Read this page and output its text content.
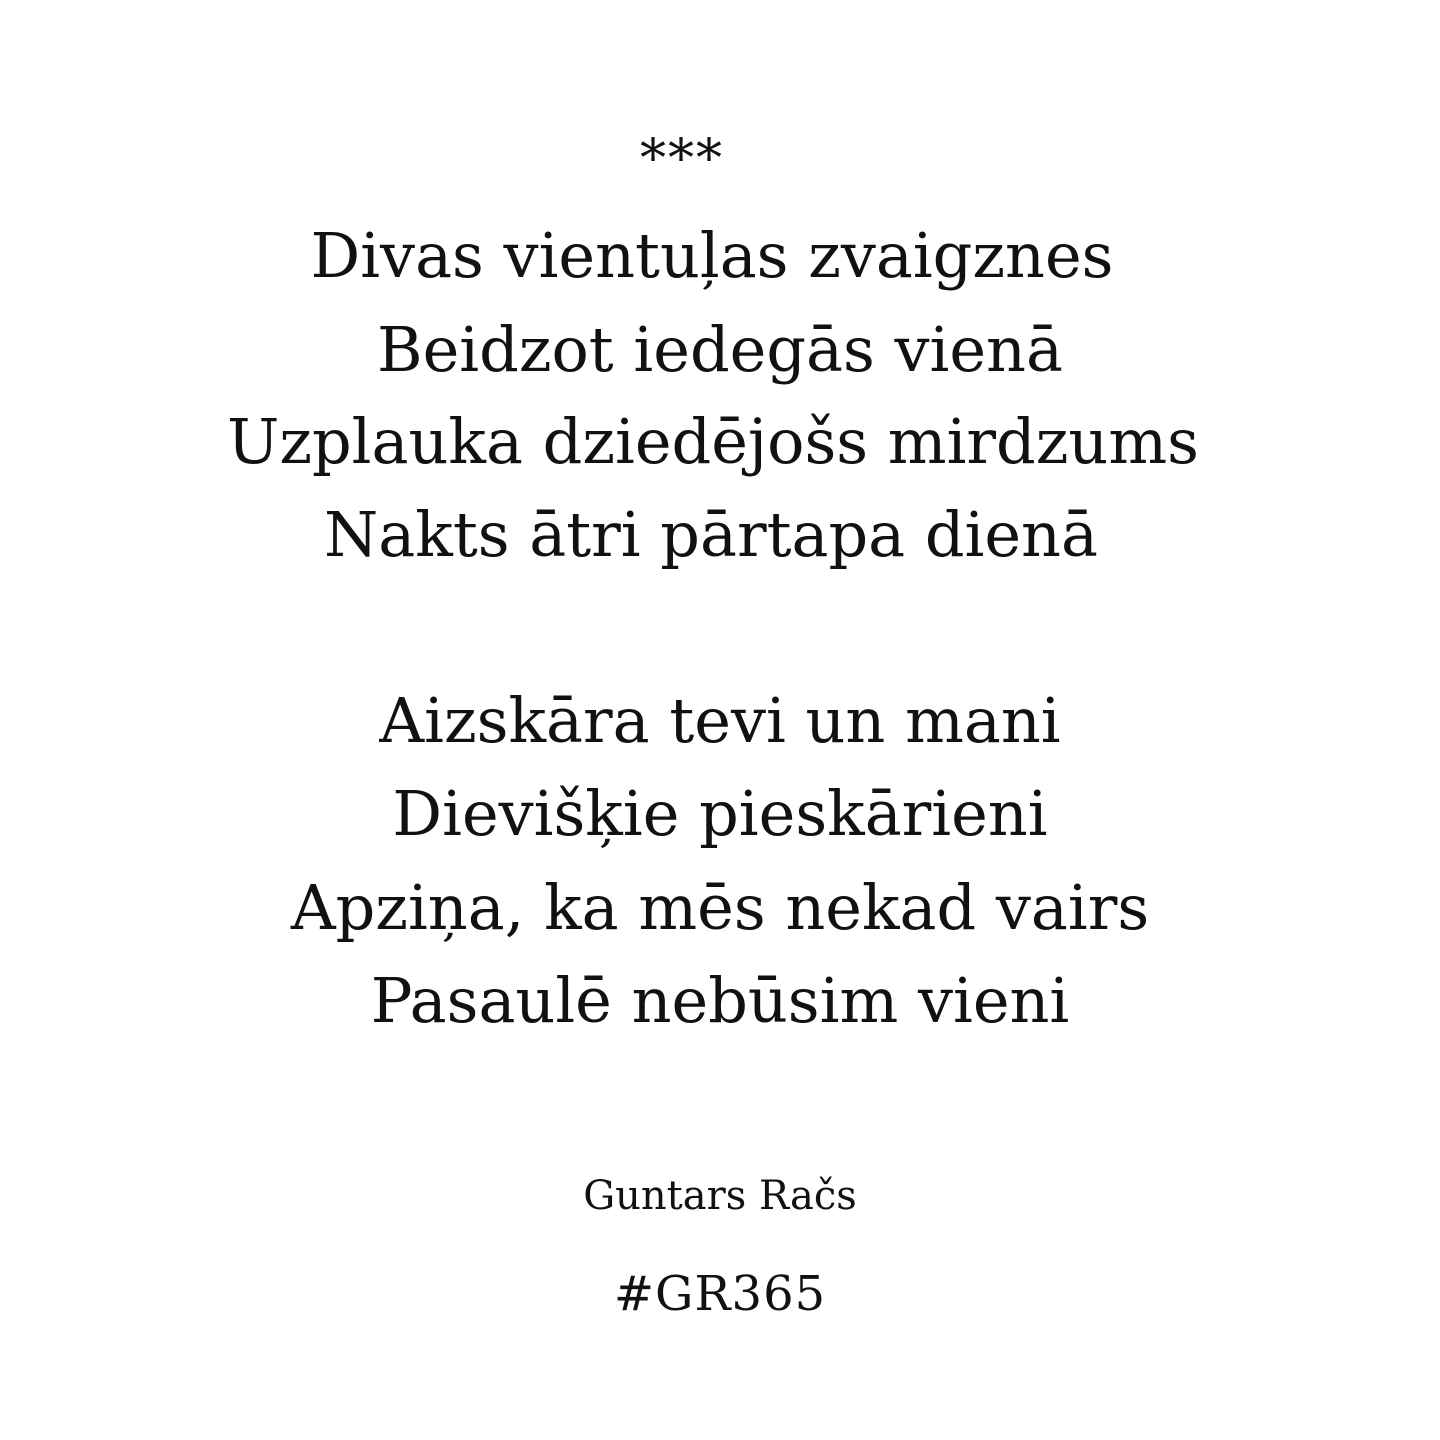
***
Divas vientuļas zvaigznes
Beidzot iedegās vienā
Uzplauka dziedējošs mirdzums
Nakts ātri pārtapa dienā
Aizskāra tevi un mani
Dievišķie pieskārieni
Apziņa, ka mēs nekad vairs
Pasaulē nebūsim vieni
Guntars Račs
#GR365
